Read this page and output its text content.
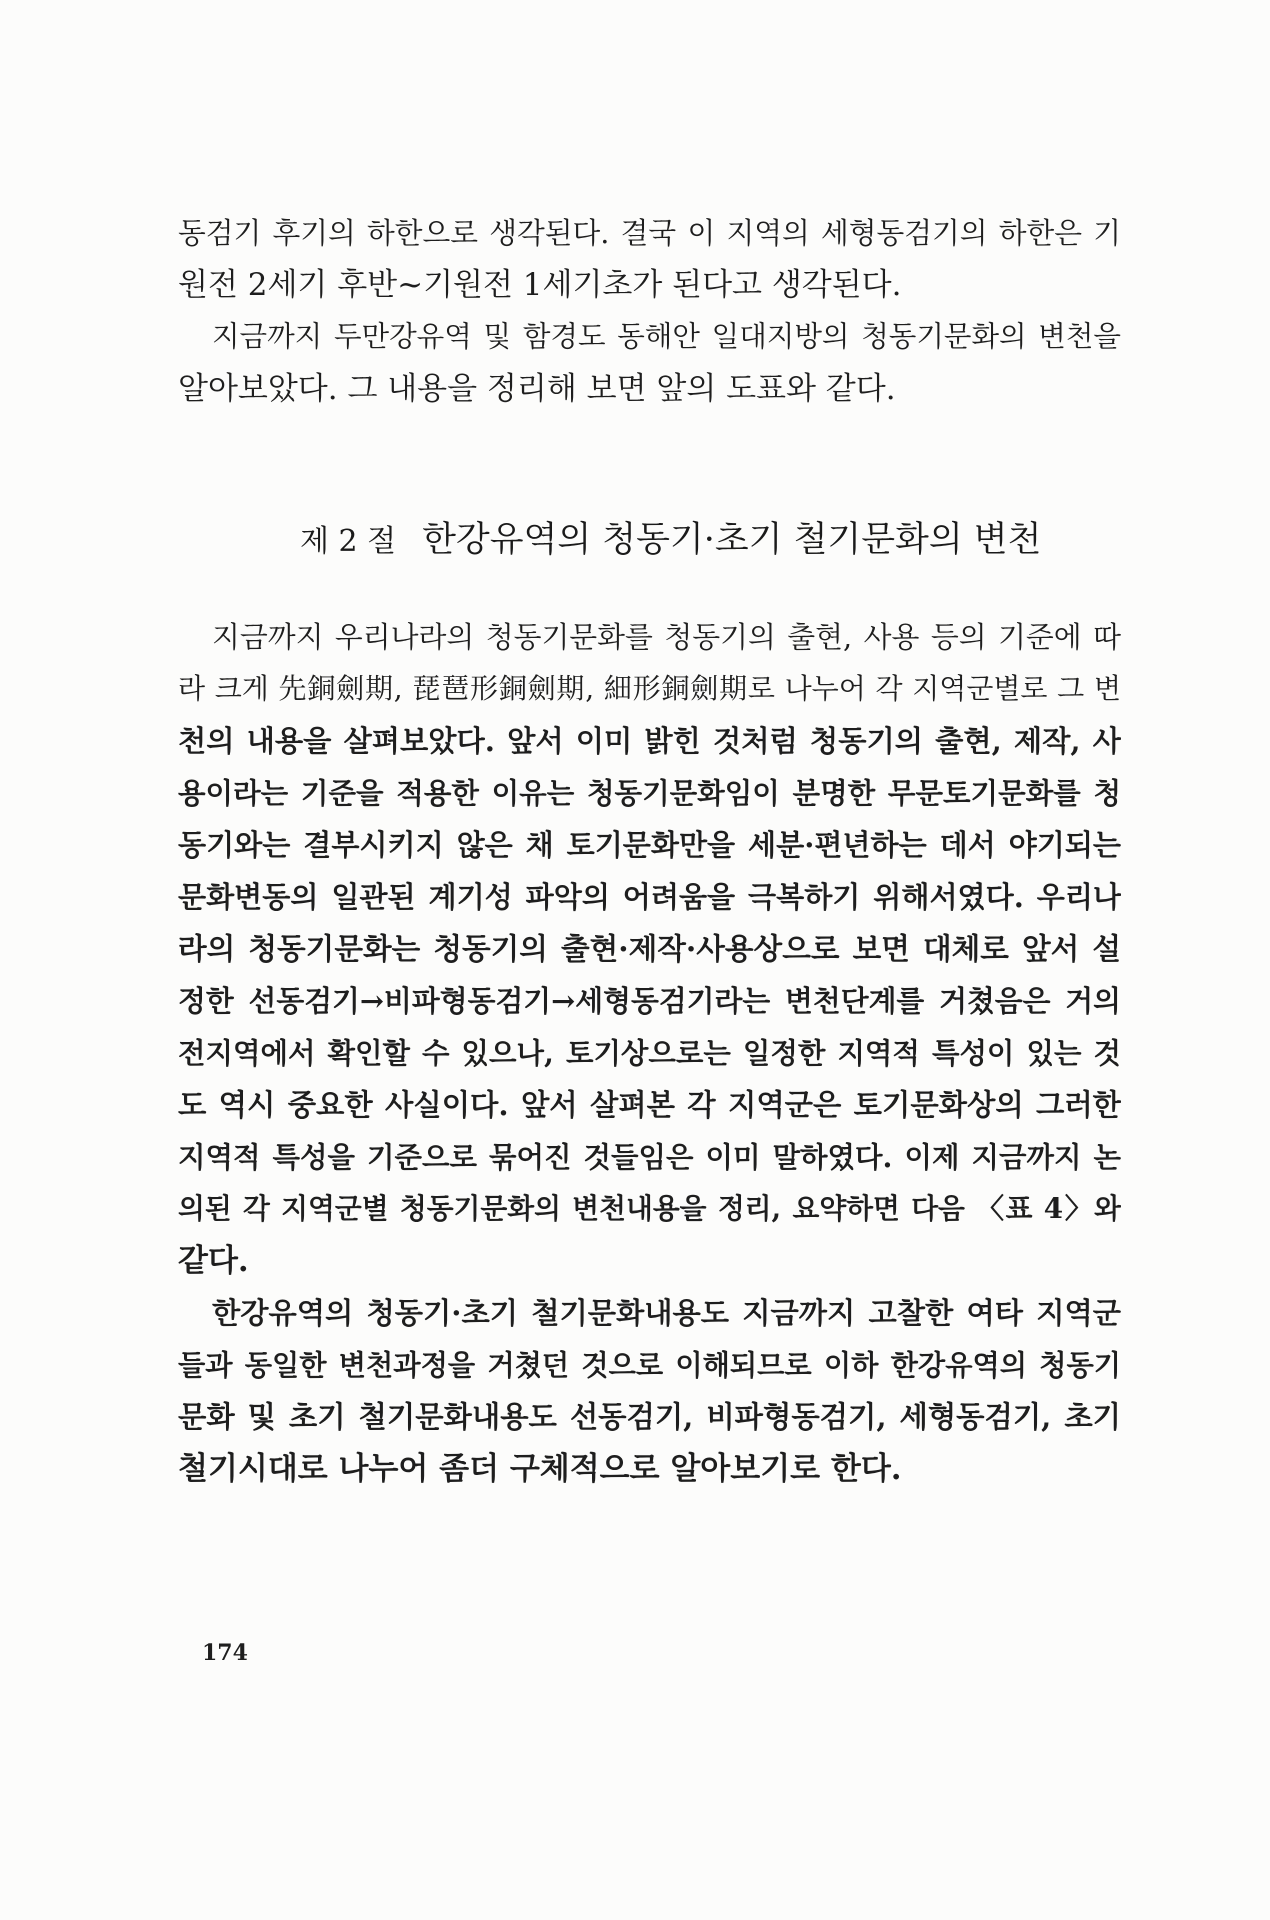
동검기 후기의 하한으로 생각된다. 결국 이 지역의 세형동검기의 하한은 기
원전 2세기 후반~기원전 1세기초가 된다고 생각된다.
지금까지 두만강유역 및 함경도 동해안 일대지방의 청동기문화의 변천을
알아보았다. 그 내용을 정리해 보면 앞의 도표와 같다.
제 2 절 한강유역의 청동기·초기 철기문화의 변천
지금까지 우리나라의 청동기문화를 청동기의 출현, 사용 등의 기준에 따
라 크게 先銅劍期, 琵琶形銅劍期, 細形銅劍期로 나누어 각 지역군별로 그 변
천의 내용을 살펴보았다. 앞서 이미 밝힌 것처럼 청동기의 출현, 제작, 사
용이라는 기준을 적용한 이유는 청동기문화임이 분명한 무문토기문화를 청
동기와는 결부시키지 않은 채 토기문화만을 세분·편년하는 데서 야기되는
문화변동의 일관된 계기성 파악의 어려움을 극복하기 위해서였다. 우리나
라의 청동기문화는 청동기의 출현·제작·사용상으로 보면 대체로 앞서 설
정한 선동검기→비파형동검기→세형동검기라는 변천단계를 거쳤음은 거의
전지역에서 확인할 수 있으나, 토기상으로는 일정한 지역적 특성이 있는 것
도 역시 중요한 사실이다. 앞서 살펴본 각 지역군은 토기문화상의 그러한
지역적 특성을 기준으로 묶어진 것들임은 이미 말하였다. 이제 지금까지 논
의된 각 지역군별 청동기문화의 변천내용을 정리, 요약하면 다음 〈표 4〉와
같다.
한강유역의 청동기·초기 철기문화내용도 지금까지 고찰한 여타 지역군
들과 동일한 변천과정을 거쳤던 것으로 이해되므로 이하 한강유역의 청동기
문화 및 초기 철기문화내용도 선동검기, 비파형동검기, 세형동검기, 초기
철기시대로 나누어 좀더 구체적으로 알아보기로 한다.
174
